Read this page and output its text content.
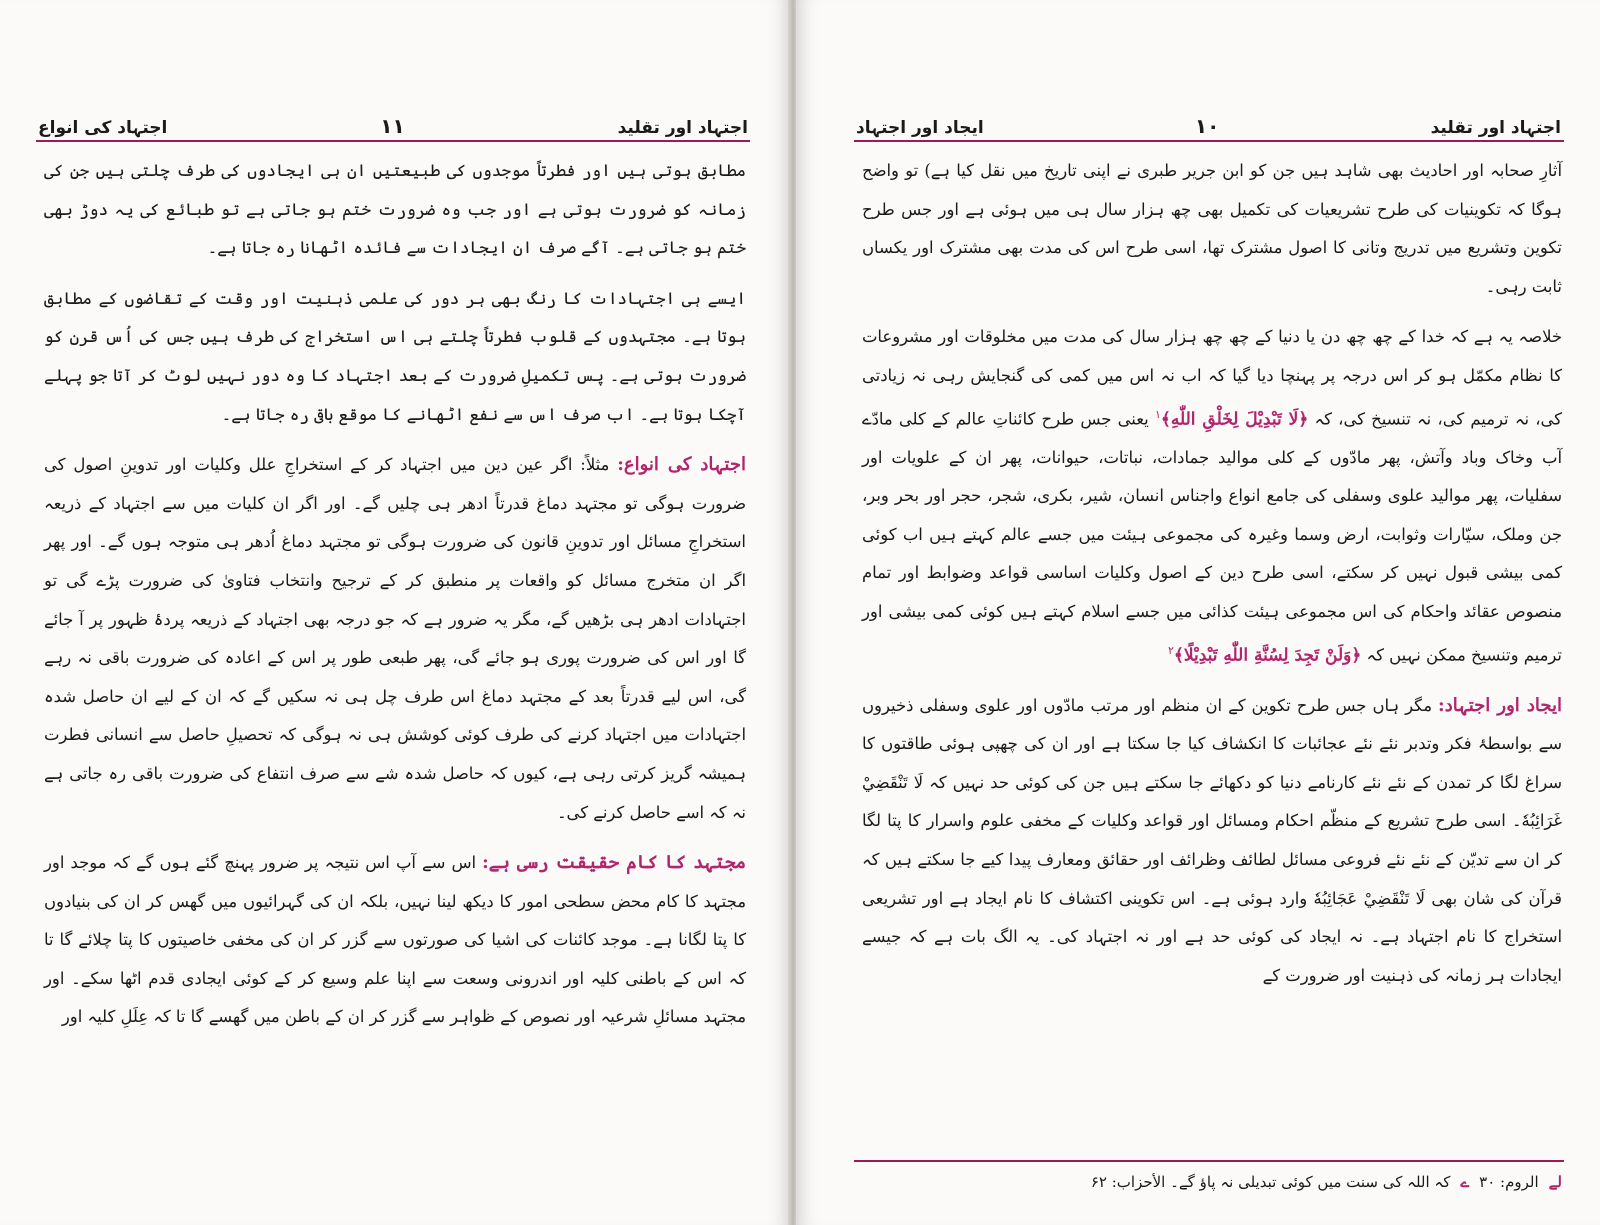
اجتہاد اور تقلید
۱۱
اجتہاد کی انواع

مطابق ہوتی ہیں اور فطرتاً موجدوں کی طبیعتیں ان ہی ایجادوں کی طرف چلتی ہیں جن کی زمانہ کو ضرورت ہوتی ہے اور جب وہ ضرورت ختم ہو جاتی ہے تو طبائع کی یہ دوڑ بھی ختم ہو جاتی ہے۔ آگے صرف ان ایجادات سے فائدہ اٹھانا رہ جاتا ہے۔

ایسے ہی اجتہادات کا رنگ بھی ہر دور کی علمی ذہنیت اور وقت کے تقاضوں کے مطابق ہوتا ہے۔ مجتہدوں کے قلوب فطرتاً چلتے ہی اس استخراج کی طرف ہیں جس کی اُس قرن کو ضرورت ہوتی ہے۔ پس تکمیلِ ضرورت کے بعد اجتہاد کا وہ دور نہیں لوٹ کر آتا جو پہلے آچکا ہوتا ہے۔ اب صرف اس سے نفع اٹھانے کا موقع باقی رہ جاتا ہے۔

اجتہاد کی انواع: مثلاً: اگر عین دین میں اجتہاد کر کے استخراجِ علل وکلیات اور تدوینِ اصول کی ضرورت ہوگی تو مجتہد دماغ قدرتاً ادھر ہی چلیں گے۔ اور اگر ان کلیات میں سے اجتہاد کے ذریعہ استخراجِ مسائل اور تدوینِ قانون کی ضرورت ہوگی تو مجتہد دماغ اُدھر ہی متوجہ ہوں گے۔ اور پھر اگر ان متخرج مسائل کو واقعات پر منطبق کر کے ترجیح وانتخاب فتاویٰ کی ضرورت پڑے گی تو اجتہادات ادھر ہی بڑھیں گے، مگر یہ ضرور ہے کہ جو درجہ بھی اجتہاد کے ذریعہ پردۂ ظہور پر آ جائے گا اور اس کی ضرورت پوری ہو جائے گی، پھر طبعی طور پر اس کے اعادہ کی ضرورت باقی نہ رہے گی، اس لیے قدرتاً بعد کے مجتہد دماغ اس طرف چل ہی نہ سکیں گے کہ ان کے لیے ان حاصل شدہ اجتہادات میں اجتہاد کرنے کی طرف کوئی کوشش ہی نہ ہوگی کہ تحصیلِ حاصل سے انسانی فطرت ہمیشہ گریز کرتی رہی ہے، کیوں کہ حاصل شدہ شے سے صرف انتفاع کی ضرورت باقی رہ جاتی ہے نہ کہ اسے حاصل کرنے کی۔

مجتہد کا کام حقیقت رسی ہے: اس سے آپ اس نتیجہ پر ضرور پہنچ گئے ہوں گے کہ موجد اور مجتہد کا کام محض سطحی امور کا دیکھ لینا نہیں، بلکہ ان کی گہرائیوں میں گھس کر ان کی بنیادوں کا پتا لگانا ہے۔ موجد کائنات کی اشیا کی صورتوں سے گزر کر ان کی مخفی خاصیتوں کا پتا چلائے گا تا کہ اس کے باطنی کلیہ اور اندرونی وسعت سے اپنا علم وسیع کر کے کوئی ایجادی قدم اٹھا سکے۔ اور مجتہد مسائلِ شرعیہ اور نصوص کے ظواہر سے گزر کر ان کے باطن میں گھسے گا تا کہ عِلَلِ کلیہ اور

اجتہاد اور تقلید
۱۰
ایجاد اور اجتہاد

آثارِ صحابہ اور احادیث بھی شاہد ہیں جن کو ابن جریر طبری نے اپنی تاریخ میں نقل کیا ہے) تو واضح ہوگا کہ تکوینیات کی طرح تشریعیات کی تکمیل بھی چھ ہزار سال ہی میں ہوئی ہے اور جس طرح تکوین وتشریع میں تدریج وتانی کا اصول مشترک تھا، اسی طرح اس کی مدت بھی مشترک اور یکساں ثابت رہی۔

خلاصہ یہ ہے کہ خدا کے چھ چھ دن یا دنیا کے چھ چھ ہزار سال کی مدت میں مخلوقات اور مشروعات کا نظام مکمّل ہو کر اس درجہ پر پہنچا دیا گیا کہ اب نہ اس میں کمی کی گنجایش رہی نہ زیادتی کی، نہ ترمیم کی، نہ تنسیخ کی، کہ ﴿لَا تَبْدِيْلَ لِخَلْقِ اللّٰهِ﴾$^۱$ یعنی جس طرح کائناتِ عالم کے کلی مادّے آب وخاک وباد وآتش، پھر مادّوں کے کلی موالید جمادات، نباتات، حیوانات، پھر ان کے علویات اور سفلیات، پھر موالید علوی وسفلی کی جامع انواع واجناس انسان، شیر، بکری، شجر، حجر اور بحر وبر، جن وملک، سیّارات وثوابت، ارض وسما وغیرہ کی مجموعی ہیئت میں جسے عالم کہتے ہیں اب کوئی کمی بیشی قبول نہیں کر سکتے، اسی طرح دین کے اصول وکلیات اساسی قواعد وضوابط اور تمام منصوص عقائد واحکام کی اس مجموعی ہیئت کذائی میں جسے اسلام کہتے ہیں کوئی کمی بیشی اور ترمیم وتنسیخ ممکن نہیں کہ ﴿وَلَنْ تَجِدَ لِسُنَّةِ اللّٰهِ تَبْدِيْلًا﴾$^۲$

ایجاد اور اجتہاد: مگر ہاں جس طرح تکوین کے ان منظم اور مرتب مادّوں اور علوی وسفلی ذخیروں سے بواسطۂ فکر وتدبر نئے نئے عجائبات کا انکشاف کیا جا سکتا ہے اور ان کی چھپی ہوئی طاقتوں کا سراغ لگا کر تمدن کے نئے نئے کارنامے دنیا کو دکھائے جا سکتے ہیں جن کی کوئی حد نہیں کہ لَا تَنْقَضِيْ غَرَائِبُهٗ۔ اسی طرح تشریع کے منظّم احکام ومسائل اور قواعد وکلیات کے مخفی علوم واسرار کا پتا لگا کر ان سے تدیّن کے نئے نئے فروعی مسائل لطائف وظرائف اور حقائق ومعارف پیدا کیے جا سکتے ہیں کہ قرآن کی شان بھی لَا تَنْقَضِيْ عَجَائِبُهٗ وارد ہوئی ہے۔ اس تکوینی اکتشاف کا نام ایجاد ہے اور تشریعی استخراج کا نام اجتہاد ہے۔ نہ ایجاد کی کوئی حد ہے اور نہ اجتہاد کی۔ یہ الگ بات ہے کہ جیسے ایجادات ہر زمانہ کی ذہنیت اور ضرورت کے

لے
الروم: ۳۰
ے
کہ اللہ کی سنت میں کوئی تبدیلی نہ پاؤ گے۔ الأحزاب: ۶۲
